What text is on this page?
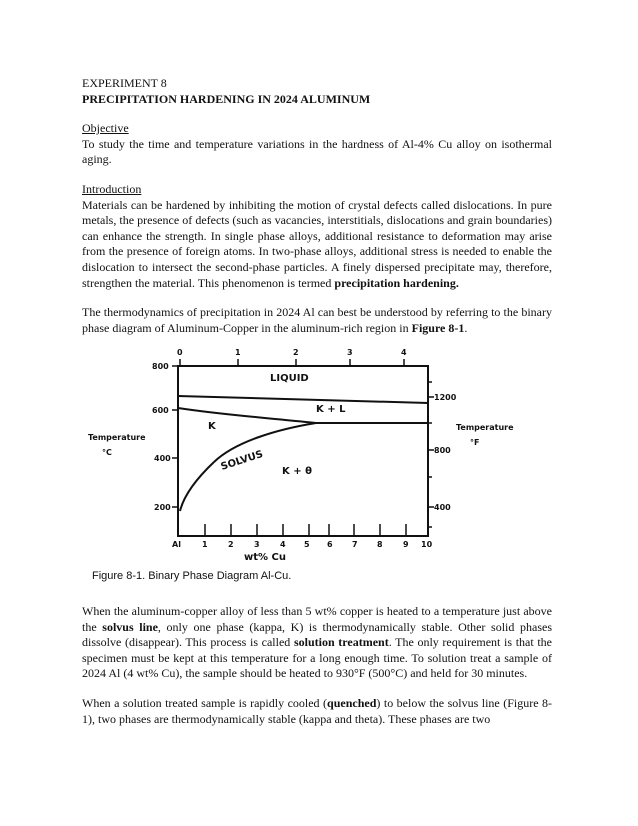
EXPERIMENT 8

PRECIPITATION HARDENING IN 2024 ALUMINUM

Objective

To study the time and temperature variations in the hardness of Al-4% Cu alloy on isothermal aging.

Introduction

Materials can be hardened by inhibiting the motion of crystal defects called dislocations. In pure metals, the presence of defects (such as vacancies, interstitials, dislocations and grain boundaries) can enhance the strength. In single phase alloys, additional resistance to deformation may arise from the presence of foreign atoms. In two-phase alloys, additional stress is needed to enable the dislocation to intersect the second-phase particles. A finely dispersed precipitate may, therefore, strengthen the material. This phenomenon is termed precipitation hardening.

The thermodynamics of precipitation in 2024 Al can best be understood by referring to the binary phase diagram of Aluminum-Copper in the aluminum-rich region in Figure 8-1.

0	1	2	3	4
800
600
400
200
1200
800
400
Al	1	2	3	4 5 6 7 8	9 10
wt% Cu
LIQUID
K + L
K
SOLVUS K + θ
Temperature
°C
Temperature
°F
Figure 8-1. Binary Phase Diagram Al-Cu.

When the aluminum-copper alloy of less than 5 wt% copper is heated to a temperature just above the solvus line, only one phase (kappa, K) is thermodynamically stable. Other solid phases dissolve (disappear). This process is called solution treatment. The only requirement is that the specimen must be kept at this temperature for a long enough time. To solution treat a sample of 2024 Al (4 wt% Cu), the sample should be heated to 930°F (500°C) and held for 30 minutes.

When a solution treated sample is rapidly cooled (quenched) to below the solvus line (Figure 8-1), two phases are thermodynamically stable (kappa and theta). These phases are two
